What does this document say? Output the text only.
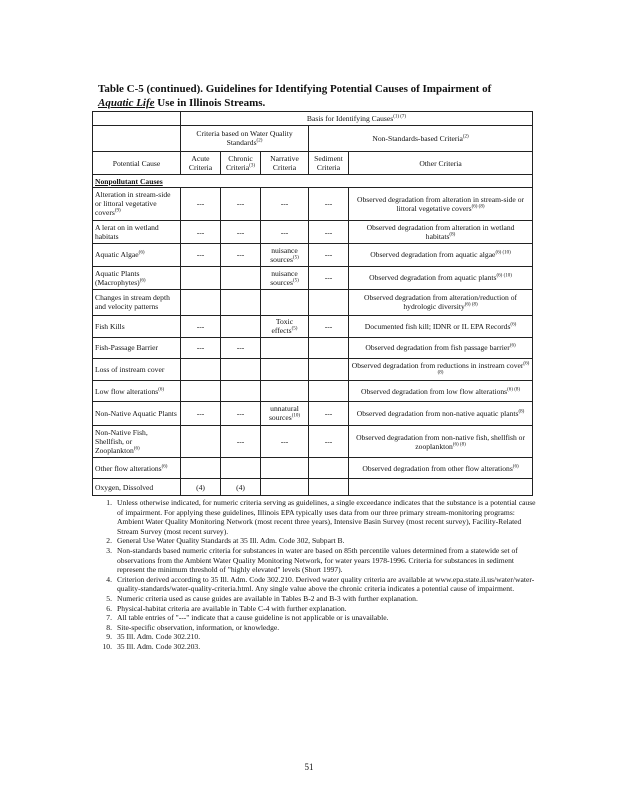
Table C-5 (continued). Guidelines for Identifying Potential Causes of Impairment of
Aquatic Life Use in Illinois Streams.
	Basis for Identifying Causes$^{(1) (7)}$
	Criteria based on Water Quality Standards$^{(2)}$			Non-Standards-based Criteria$^{(2)}$
Potential Cause	Acute Criteria	Chronic Criteria$^{(3)}$	Narrative Criteria	Sediment Criteria	Other Criteria
Nonpollutant Causes					
Alteration in stream-side or littoral vegetative covers$^{(9)}$	---	---	---	---	Observed degradation from alteration in stream-side or littoral vegetative covers$^{(6) (8)}$
A lerat on in wetland habitats	---	---	---	---	Observed degradation from alteration in wetland habitats$^{(8)}$
Aquatic Algae$^{(6)}$	---	---	nuisance sources$^{(5)}$	---	Observed degradation from aquatic algae$^{(6) (10)}$
Aquatic Plants (Macrophytes)$^{(6)}$			nuisance sources$^{(5)}$	---	Observed degradation from aquatic plants$^{(6) (10)}$
Changes in stream depth and velocity patterns					Observed degradation from alteration/reduction of hydrologic diversity$^{(6) (8)}$
Fish Kills	---		Toxic effects$^{(5)}$	---	Documented fish kill; IDNR or IL EPA Records$^{(6)}$
Fish-Passage Barrier	---	---			Observed degradation from fish passage barrier$^{(6)}$
Loss of instream cover					Observed degradation from reductions in instream cover$^{(6) (8)}$
Low flow alterations$^{(6)}$					Observed degradation from low flow alterations$^{(6) (8)}$
Non-Native Aquatic Plants	---	---	unnatural sources$^{(10)}$	---	Observed degradation from non-native aquatic plants$^{(8)}$
Non-Native Fish, Shellfish, or Zooplankton$^{(6)}$		---	---	---	Observed degradation from non-native fish, shellfish or zooplankton$^{(6) (8)}$
Other flow alterations$^{(6)}$					Observed degradation from other flow alterations$^{(6)}$
Oxygen, Dissolved	(4)	(4)			
1. Unless otherwise indicated, for numeric criteria serving as guidelines, a single exceedance indicates that the substance is a potential cause of impairment. For applying these guidelines, Illinois EPA typically uses data from our three primary stream-monitoring programs: Ambient Water Quality Monitoring Network (most recent three years), Intensive Basin Survey (most recent survey), Facility-Related Stream Survey (most recent survey).
2. General Use Water Quality Standards at 35 Ill. Adm. Code 302, Subpart B.
3. Non-standards based numeric criteria for substances in water are based on 85th percentile values determined from a statewide set of observations from the Ambient Water Quality Monitoring Network, for water years 1978-1996. Criteria for substances in sediment represent the minimum threshold of "highly elevated" levels (Short 1997).
4. Criterion derived according to 35 Ill. Adm. Code 302.210. Derived water quality criteria are available at www.epa.state.il.us/water/water-quality-standards/water-quality-criteria.html. Any single value above the chronic criteria indicates a potential cause of impairment.
5. Numeric criteria used as cause guides are available in Tables B-2 and B-3 with further explanation.
6. Physical-habitat criteria are available in Table C-4 with further explanation.
7. All table entries of "---" indicate that a cause guideline is not applicable or is unavailable.
8. Site-specific observation, information, or knowledge.
9. 35 Ill. Adm. Code 302.210.
10. 35 Ill. Adm. Code 302.203.
51
